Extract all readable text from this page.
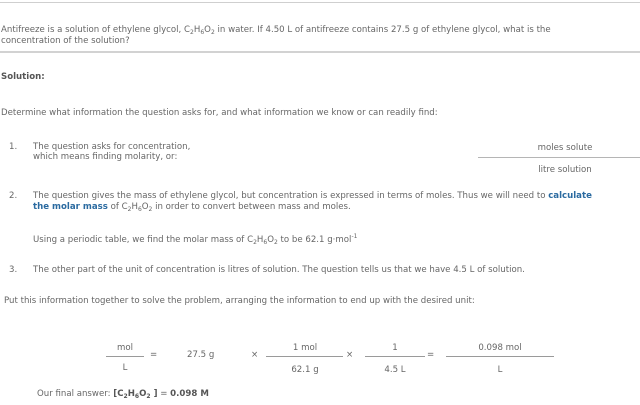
Antifreeze is a solution of ethylene glycol, $C_2H_6O_2$ in water. If 4.50 L of antifreeze contains 27.5 g of ethylene glycol, what is the
concentration of the solution?
Solution:
Determine what information the question asks for, and what information we know or can readily find:
1. The question asks for concentration,
which means finding molarity, or:
moles solute
litre solution
2. The question gives the mass of ethylene glycol, but concentration is expressed in terms of moles. Thus we will need to calculate
the molar mass of $C_2H_6O_2$ in order to convert between mass and moles.
Using a periodic table, we find the molar mass of $C_2H_6O_2$ to be 62.1 g·mol$^{-1}$
3. The other part of the unit of concentration is litres of solution. The question tells us that we have 4.5 L of solution.
Put this information together to solve the problem, arranging the information to end up with the desired unit:
mol
L
=	27.5 g	×
1 mol
62.1 g
×
1
4.5 L
=
0.098 mol
L
Our final answer: [$C_2H_6O_2$ ] = 0.098 M
